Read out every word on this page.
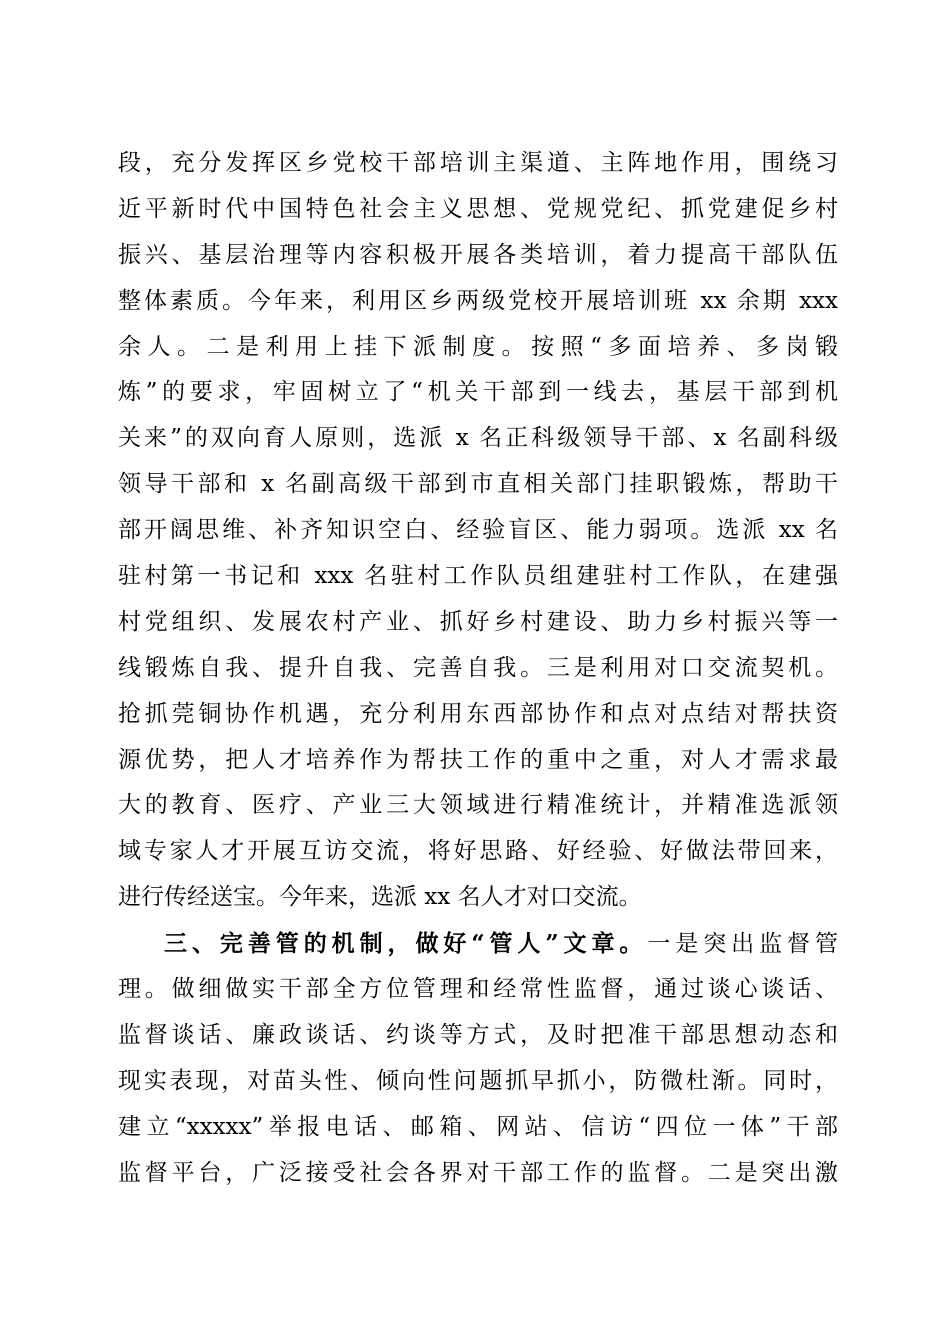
段，充分发挥区乡党校干部培训主渠道、主阵地作用，围绕习
近平新时代中国特色社会主义思想、党规党纪、抓党建促乡村
振兴、基层治理等内容积极开展各类培训，着力提高干部队伍
整体素质。今年来，利用区乡两级党校开展培训班 xx 余期 xxx
余人。二是利用上挂下派制度。按照“多面培养、多岗锻
炼”的要求，牢固树立了“机关干部到一线去，基层干部到机
关来”的双向育人原则，选派 x 名正科级领导干部、x 名副科级
领导干部和 x 名副高级干部到市直相关部门挂职锻炼，帮助干
部开阔思维、补齐知识空白、经验盲区、能力弱项。选派 xx 名
驻村第一书记和 xxx 名驻村工作队员组建驻村工作队，在建强
村党组织、发展农村产业、抓好乡村建设、助力乡村振兴等一
线锻炼自我、提升自我、完善自我。三是利用对口交流契机。
抢抓莞铜协作机遇，充分利用东西部协作和点对点结对帮扶资
源优势，把人才培养作为帮扶工作的重中之重，对人才需求最
大的教育、医疗、产业三大领域进行精准统计，并精准选派领
域专家人才开展互访交流，将好思路、好经验、好做法带回来，
进行传经送宝。今年来，选派 xx 名人才对口交流。
三、完善管的机制，做好“管人”文章。一是突出监督管
理。做细做实干部全方位管理和经常性监督，通过谈心谈话、
监督谈话、廉政谈话、约谈等方式，及时把准干部思想动态和
现实表现，对苗头性、倾向性问题抓早抓小，防微杜渐。同时，
建立“xxxxx”举报电话、邮箱、网站、信访“四位一体”干部
监督平台，广泛接受社会各界对干部工作的监督。二是突出激
